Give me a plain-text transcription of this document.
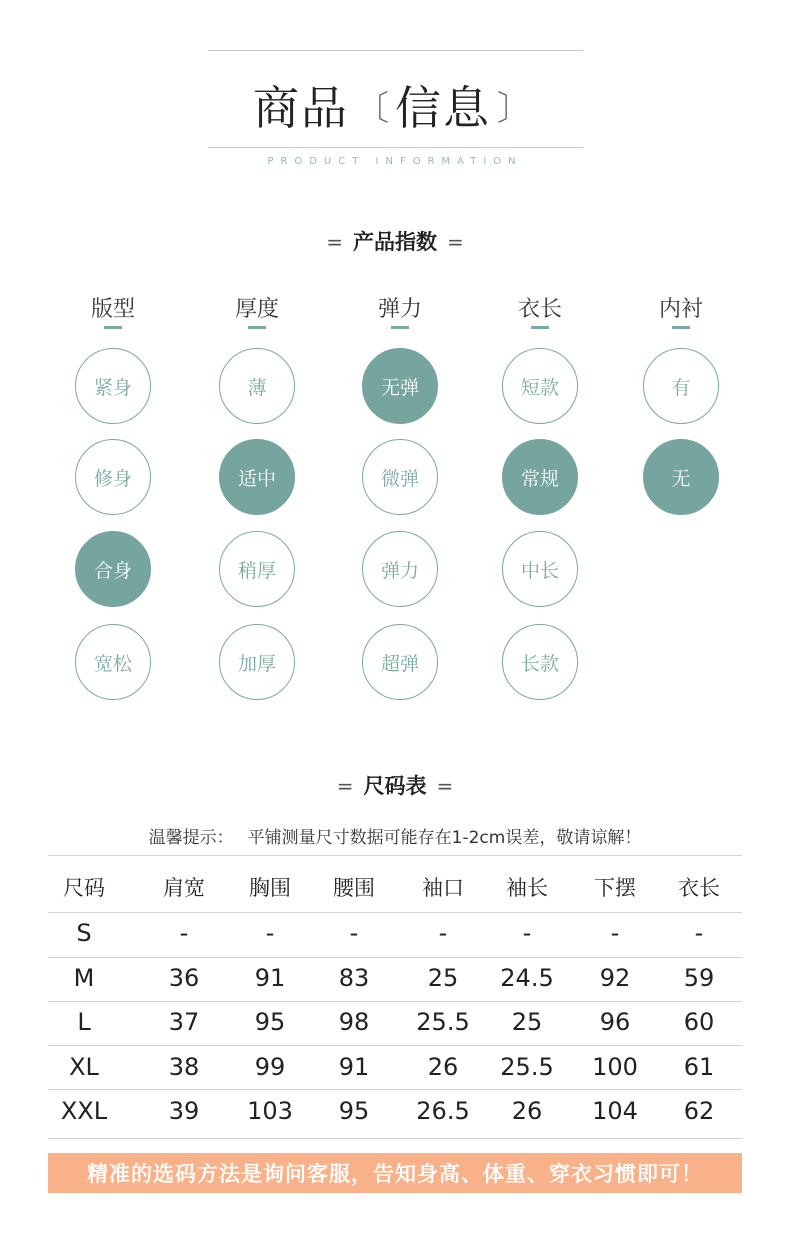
商品 〔 信息 〕
PRODUCT INFORMATION
= 产品指数 =
版型
紧身
修身
合身
宽松
厚度
薄
适中
稍厚
加厚
弹力
无弹
微弹
弹力
超弹
衣长
短款
常规
中长
长款
内衬
有
无
= 尺码表 =
温馨提示： 平铺测量尺寸数据可能存在1-2cm误差，敬请谅解！
尺码	肩宽	胸围	腰围	袖口	袖长	下摆	衣长
S	-	-	-	-	-	-	-
M	36	91	83	25	24.5	92	59
L	37	95	98	25.5	25	96	60
XL	38	99	91	26	25.5	100	61
XXL	39	103	95	26.5	26	104	62
精准的选码方法是询问客服，告知身高、体重、穿衣习惯即可！
